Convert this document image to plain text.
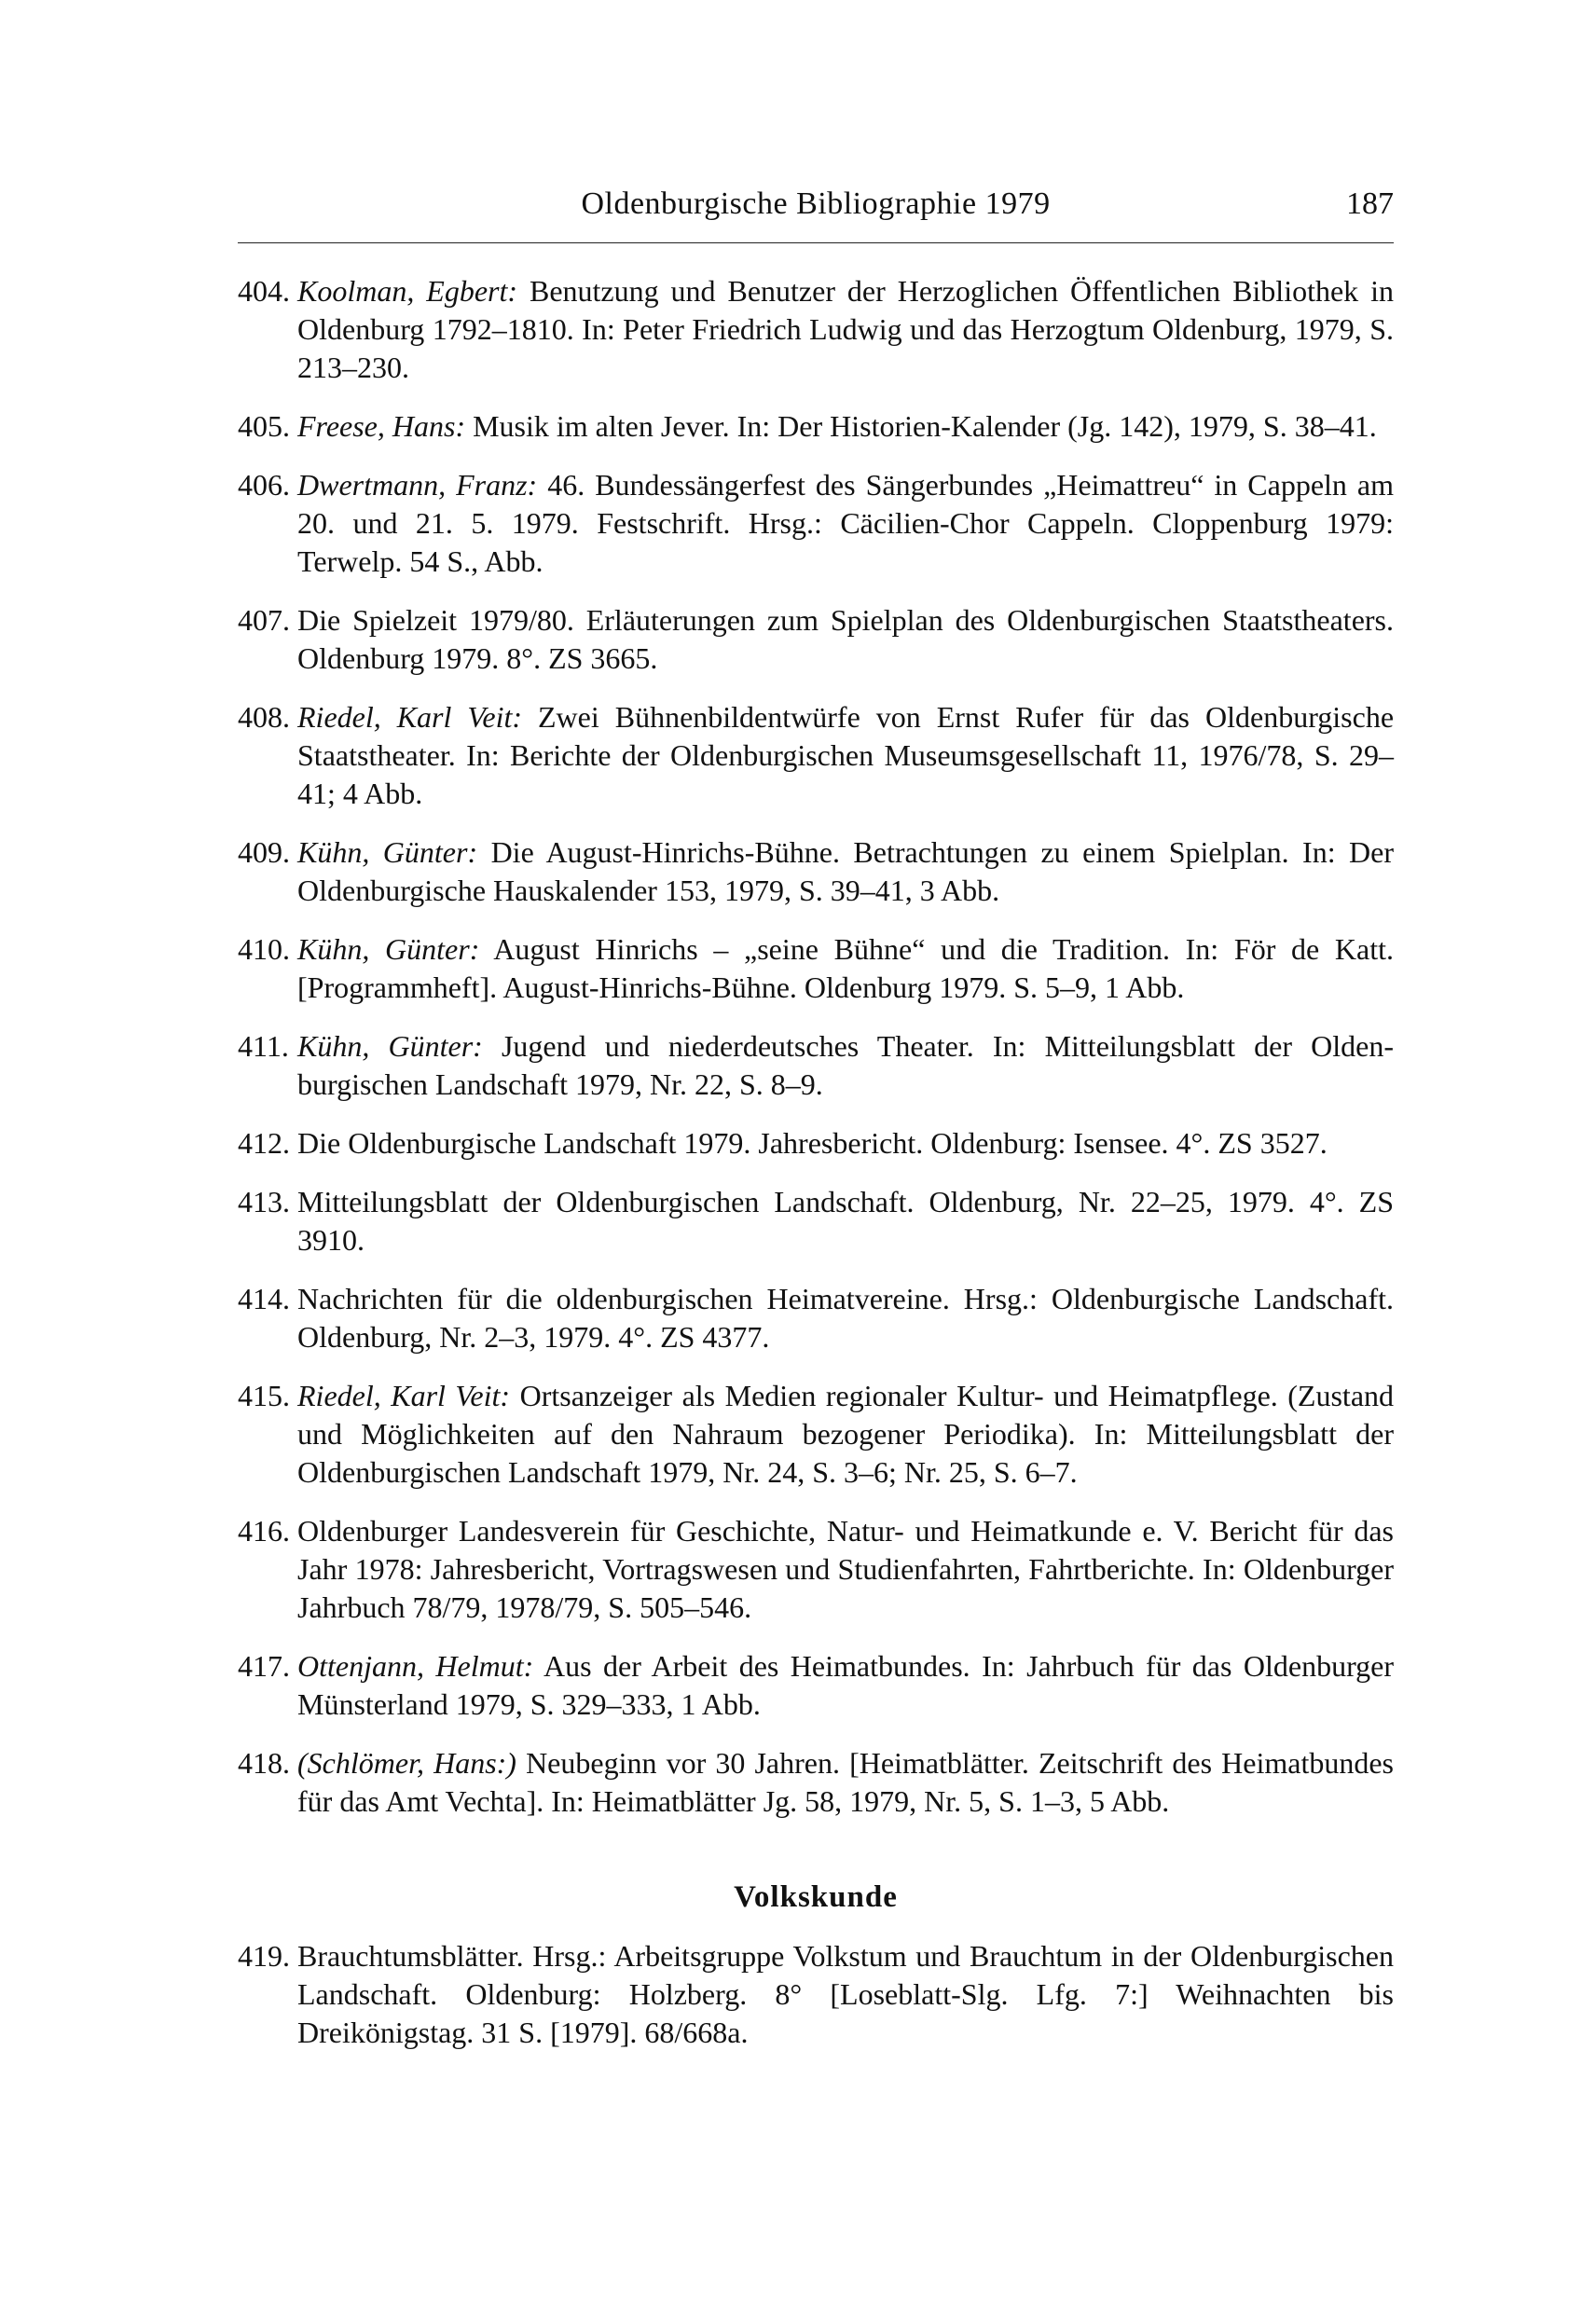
Oldenburgische Bibliographie 1979	187
404. Koolman, Egbert: Benutzung und Benutzer der Herzoglichen Öffentlichen Bibliothek in Oldenburg 1792–1810. In: Peter Friedrich Ludwig und das Herzogtum Oldenburg, 1979, S. 213–230.
405. Freese, Hans: Musik im alten Jever. In: Der Historien-Kalender (Jg. 142), 1979, S. 38–41.
406. Dwertmann, Franz: 46. Bundessängerfest des Sängerbundes „Heimattreu“ in Cappeln am 20. und 21. 5. 1979. Festschrift. Hrsg.: Cäcilien-Chor Cappeln. Cloppenburg 1979: Terwelp. 54 S., Abb.
407. Die Spielzeit 1979/80. Erläuterungen zum Spielplan des Oldenburgischen Staatstheaters. Oldenburg 1979. 8°. ZS 3665.
408. Riedel, Karl Veit: Zwei Bühnenbildentwürfe von Ernst Rufer für das Oldenburgische Staatstheater. In: Berichte der Oldenburgischen Museumsgesellschaft 11, 1976/78, S. 29–41; 4 Abb.
409. Kühn, Günter: Die August-Hinrichs-Bühne. Betrachtungen zu einem Spielplan. In: Der Oldenburgische Hauskalender 153, 1979, S. 39–41, 3 Abb.
410. Kühn, Günter: August Hinrichs – „seine Bühne“ und die Tradition. In: För de Katt. [Programmheft]. August-Hinrichs-Bühne. Oldenburg 1979. S. 5–9, 1 Abb.
411. Kühn, Günter: Jugend und niederdeutsches Theater. In: Mitteilungsblatt der Oldenburgischen Landschaft 1979, Nr. 22, S. 8–9.
412. Die Oldenburgische Landschaft 1979. Jahresbericht. Oldenburg: Isensee. 4°. ZS 3527.
413. Mitteilungsblatt der Oldenburgischen Landschaft. Oldenburg, Nr. 22–25, 1979. 4°. ZS 3910.
414. Nachrichten für die oldenburgischen Heimatvereine. Hrsg.: Oldenburgische Landschaft. Oldenburg, Nr. 2–3, 1979. 4°. ZS 4377.
415. Riedel, Karl Veit: Ortsanzeiger als Medien regionaler Kultur- und Heimatpflege. (Zustand und Möglichkeiten auf den Nahraum bezogener Periodika). In: Mitteilungsblatt der Oldenburgischen Landschaft 1979, Nr. 24, S. 3–6; Nr. 25, S. 6–7.
416. Oldenburger Landesverein für Geschichte, Natur- und Heimatkunde e. V. Bericht für das Jahr 1978: Jahresbericht, Vortragswesen und Studienfahrten, Fahrtberichte. In: Oldenburger Jahrbuch 78/79, 1978/79, S. 505–546.
417. Ottenjann, Helmut: Aus der Arbeit des Heimatbundes. In: Jahrbuch für das Oldenburger Münsterland 1979, S. 329–333, 1 Abb.
418. (Schlömer, Hans:) Neubeginn vor 30 Jahren. [Heimatblätter. Zeitschrift des Heimatbundes für das Amt Vechta]. In: Heimatblätter Jg. 58, 1979, Nr. 5, S. 1–3, 5 Abb.
Volkskunde
419. Brauchtumsblätter. Hrsg.: Arbeitsgruppe Volkstum und Brauchtum in der Oldenburgischen Landschaft. Oldenburg: Holzberg. 8° [Loseblatt-Slg. Lfg. 7:] Weihnachten bis Dreikönigstag. 31 S. [1979]. 68/668a.
